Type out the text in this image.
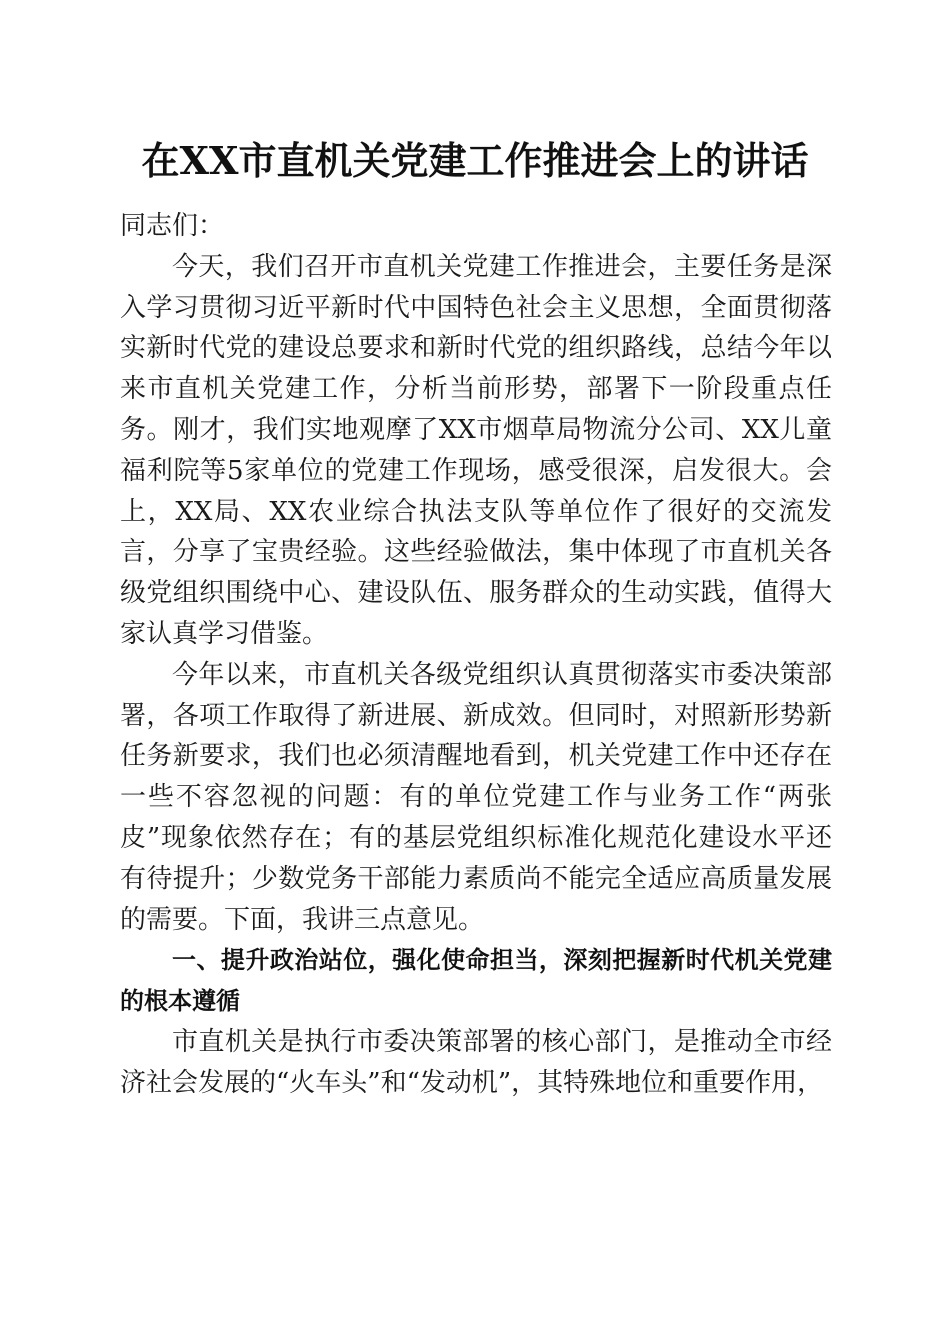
在XX市直机关党建工作推进会上的讲话

同志们：

今天，我们召开市直机关党建工作推进会，主要任务是深入学习贯彻习近平新时代中国特色社会主义思想，全面贯彻落实新时代党的建设总要求和新时代党的组织路线，总结今年以来市直机关党建工作，分析当前形势，部署下一阶段重点任务。刚才，我们实地观摩了XX市烟草局物流分公司、XX儿童福利院等5家单位的党建工作现场，感受很深，启发很大。会上，XX局、XX农业综合执法支队等单位作了很好的交流发言，分享了宝贵经验。这些经验做法，集中体现了市直机关各级党组织围绕中心、建设队伍、服务群众的生动实践，值得大家认真学习借鉴。

今年以来，市直机关各级党组织认真贯彻落实市委决策部署，各项工作取得了新进展、新成效。但同时，对照新形势新任务新要求，我们也必须清醒地看到，机关党建工作中还存在一些不容忽视的问题：有的单位党建工作与业务工作“两张皮”现象依然存在；有的基层党组织标准化规范化建设水平还有待提升；少数党务干部能力素质尚不能完全适应高质量发展的需要。下面，我讲三点意见。

一、提升政治站位，强化使命担当，深刻把握新时代机关党建的根本遵循

市直机关是执行市委决策部署的核心部门，是推动全市经济社会发展的“火车头”和“发动机”，其特殊地位和重要作用，
